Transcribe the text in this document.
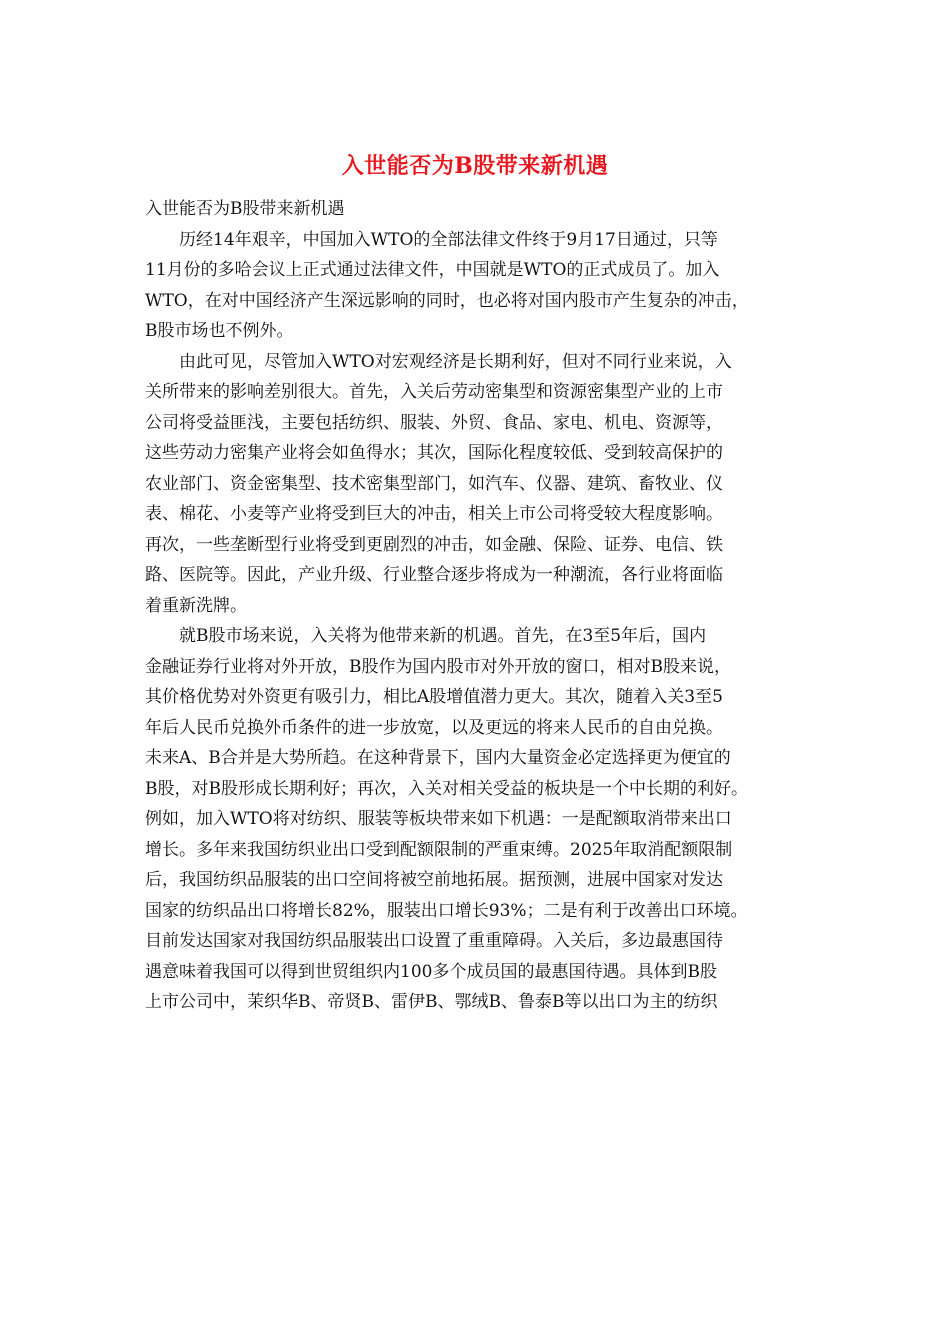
入世能否为B股带来新机遇

入世能否为B股带来新机遇

历经14年艰辛，中国加入WTO的全部法律文件终于9月17日通过，只等
11月份的多哈会议上正式通过法律文件，中国就是WTO的正式成员了。加入
WTO，在对中国经济产生深远影响的同时，也必将对国内股市产生复杂的冲击，
B股市场也不例外。

由此可见，尽管加入WTO对宏观经济是长期利好，但对不同行业来说，入
关所带来的影响差别很大。首先，入关后劳动密集型和资源密集型产业的上市
公司将受益匪浅，主要包括纺织、服装、外贸、食品、家电、机电、资源等，
这些劳动力密集产业将会如鱼得水；其次，国际化程度较低、受到较高保护的
农业部门、资金密集型、技术密集型部门，如汽车、仪器、建筑、畜牧业、仪
表、棉花、小麦等产业将受到巨大的冲击，相关上市公司将受较大程度影响。
再次，一些垄断型行业将受到更剧烈的冲击，如金融、保险、证券、电信、铁
路、医院等。因此，产业升级、行业整合逐步将成为一种潮流，各行业将面临
着重新洗牌。

就B股市场来说，入关将为他带来新的机遇。首先，在3至5年后，国内
金融证券行业将对外开放，B股作为国内股市对外开放的窗口，相对B股来说，
其价格优势对外资更有吸引力，相比A股增值潜力更大。其次，随着入关3至5
年后人民币兑换外币条件的进一步放宽，以及更远的将来人民币的自由兑换。
未来A、B合并是大势所趋。在这种背景下，国内大量资金必定选择更为便宜的
B股，对B股形成长期利好；再次，入关对相关受益的板块是一个中长期的利好。
例如，加入WTO将对纺织、服装等板块带来如下机遇：一是配额取消带来出口
增长。多年来我国纺织业出口受到配额限制的严重束缚。2025年取消配额限制
后，我国纺织品服装的出口空间将被空前地拓展。据预测，进展中国家对发达
国家的纺织品出口将增长82%，服装出口增长93%；二是有利于改善出口环境。
目前发达国家对我国纺织品服装出口设置了重重障碍。入关后，多边最惠国待
遇意味着我国可以得到世贸组织内100多个成员国的最惠国待遇。具体到B股
上市公司中，茉织华B、帝贤B、雷伊B、鄂绒B、鲁泰B等以出口为主的纺织
